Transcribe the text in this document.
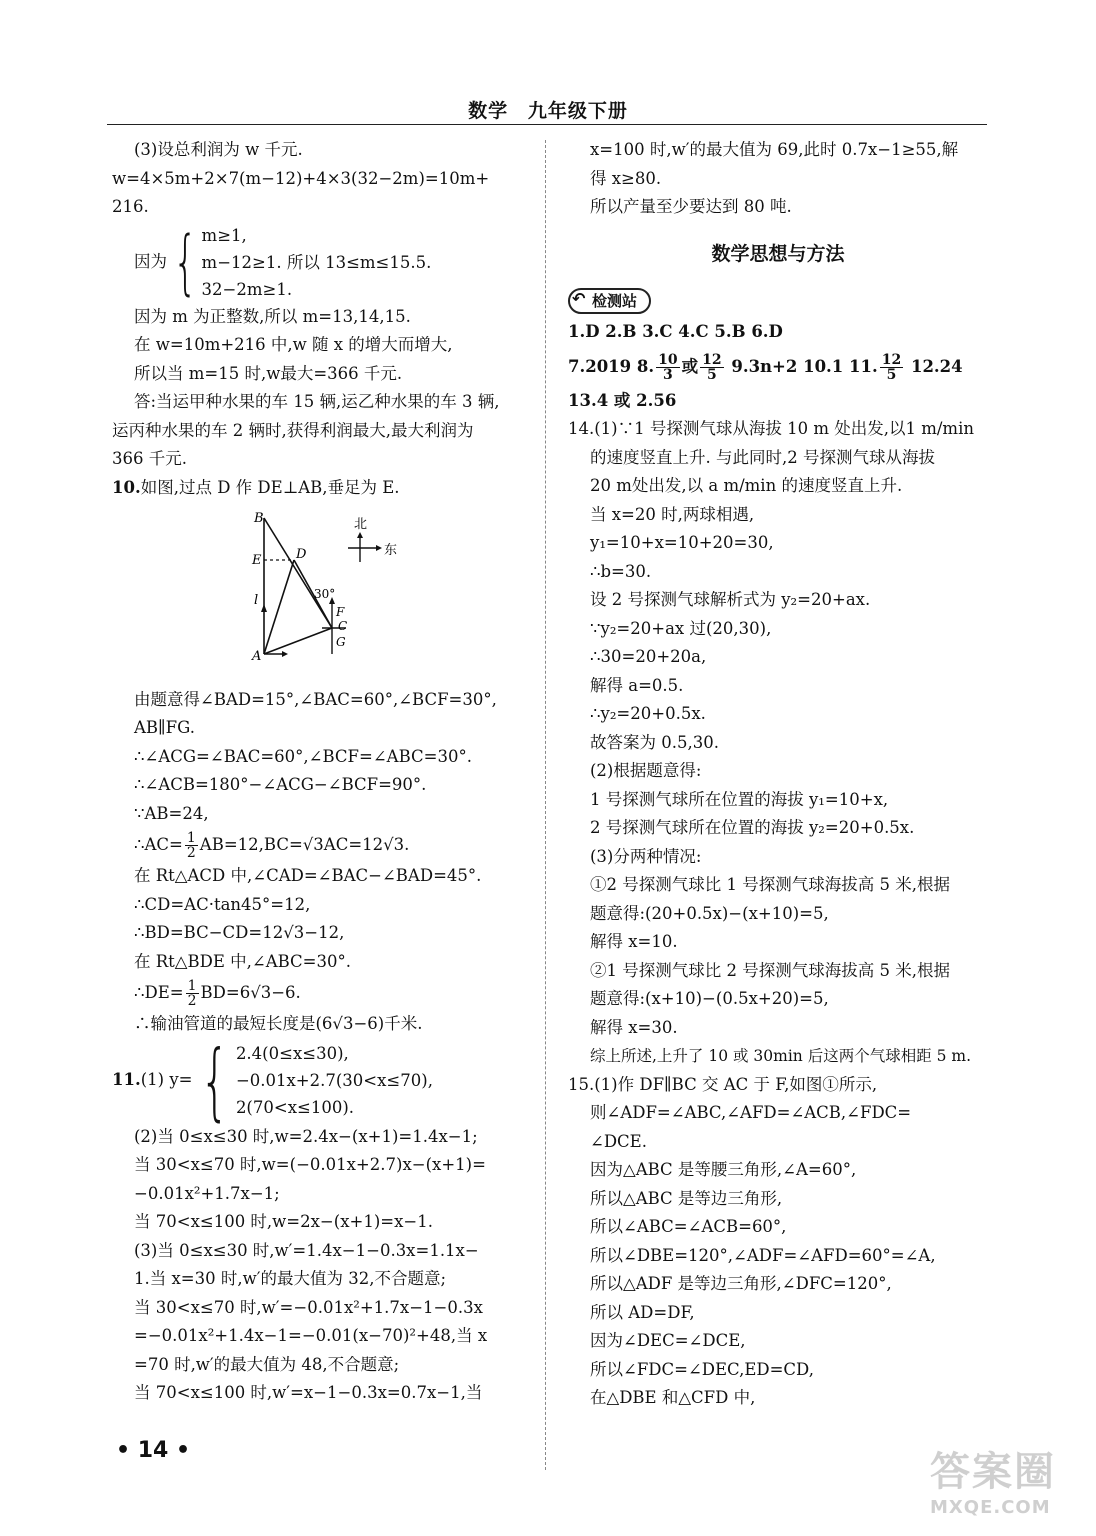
数学 九年级下册
(3)设总利润为 w 千元.
w=4×5m+2×7(m−12)+4×3(32−2m)=10m+
216.
因为 { m≥1,
m−12≥1. 所以 13≤m≤15.5.
32−2m≥1.
因为 m 为正整数,所以 m=13,14,15.
在 w=10m+216 中,w 随 x 的增大而增大,
所以当 m=15 时,w最大=366 千元.
答:当运甲种水果的车 15 辆,运乙种水果的车 3 辆,
运丙种水果的车 2 辆时,获得利润最大,最大利润为
366 千元.
10.如图,过点 D 作 DE⊥AB,垂足为 E.
B
E	D
l	30°
F
C
G
A
北
东
由题意得∠BAD=15°,∠BAC=60°,∠BCF=30°,
AB∥FG.
∴∠ACG=∠BAC=60°,∠BCF=∠ABC=30°.
∴∠ACB=180°−∠ACG−∠BCF=90°.
∵AB=24,
∴AC= $\frac{1}{2} AB=12,BC=√3AC=12√3$.
在 Rt△ACD 中,∠CAD=∠BAC−∠BAD=45°.
∴CD=AC·tan45°=12,
∴BD=BC−CD=12√3−12,
在 Rt△BDE 中,∠ABC=30°.
∴DE= $\frac{1}{2} BD=6√3-6$.
∴输油管道的最短长度是(6√3−6)千米.
11. (1) y= { 2.4(0≤x≤30),
−0.01x+2.7(30<x≤70),
2(70<x≤100).
(2)当 0≤x≤30 时,w=2.4x−(x+1)=1.4x−1;
当 30<x≤70 时,w=(−0.01x+2.7)x−(x+1)=
−0.01x²+1.7x−1;
当 70<x≤100 时,w=2x−(x+1)=x−1.
(3)当 0≤x≤30 时,w′=1.4x−1−0.3x=1.1x−
1.当 x=30 时,w′的最大值为 32,不合题意;
当 30<x≤70 时,w′=−0.01x²+1.7x−1−0.3x
=−0.01x²+1.4x−1=−0.01(x−70)²+48,当 x
=70 时,w′的最大值为 48,不合题意;
当 70<x≤100 时,w′=x−1−0.3x=0.7x−1,当
x=100 时,w′的最大值为 69,此时 0.7x−1≥55,解
得 x≥80.
所以产量至少要达到 80 吨.
数学思想与方法
↶ 检测站
1.D 2.B 3.C 4.C 5.B 6.D
7.2019 8. $\frac{10}{3}$ 或 $\frac{12}{5} 9.3n+2$ 10.1 11. $\frac{12}{5} 12.24$
13.4 或 2.56
14.(1)∵1 号探测气球从海拔 10 m 处出发,以1 m/min
的速度竖直上升. 与此同时,2 号探测气球从海拔
20 m处出发,以 a m/min 的速度竖直上升.
当 x=20 时,两球相遇,
y₁=10+x=10+20=30,
∴b=30.
设 2 号探测气球解析式为 y₂=20+ax.
∵y₂=20+ax 过(20,30),
∴30=20+20a,
解得 a=0.5.
∴y₂=20+0.5x.
故答案为 0.5,30.
(2)根据题意得:
1 号探测气球所在位置的海拔 y₁=10+x,
2 号探测气球所在位置的海拔 y₂=20+0.5x.
(3)分两种情况:
①2 号探测气球比 1 号探测气球海拔高 5 米,根据
题意得:(20+0.5x)−(x+10)=5,
解得 x=10.
②1 号探测气球比 2 号探测气球海拔高 5 米,根据
题意得:(x+10)−(0.5x+20)=5,
解得 x=30.
综上所述,上升了 10 或 30min 后这两个气球相距 5 m.
15.(1)作 DF∥BC 交 AC 于 F,如图①所示,
则∠ADF=∠ABC,∠AFD=∠ACB,∠FDC=
∠DCE.
因为△ABC 是等腰三角形,∠A=60°,
所以△ABC 是等边三角形,
所以∠ABC=∠ACB=60°,
所以∠DBE=120°,∠ADF=∠AFD=60°=∠A,
所以△ADF 是等边三角形,∠DFC=120°,
所以 AD=DF,
因为∠DEC=∠DCE,
所以∠FDC=∠DEC,ED=CD,
在△DBE 和△CFD 中,
• 14 •	答案圈
MXQE.COM
